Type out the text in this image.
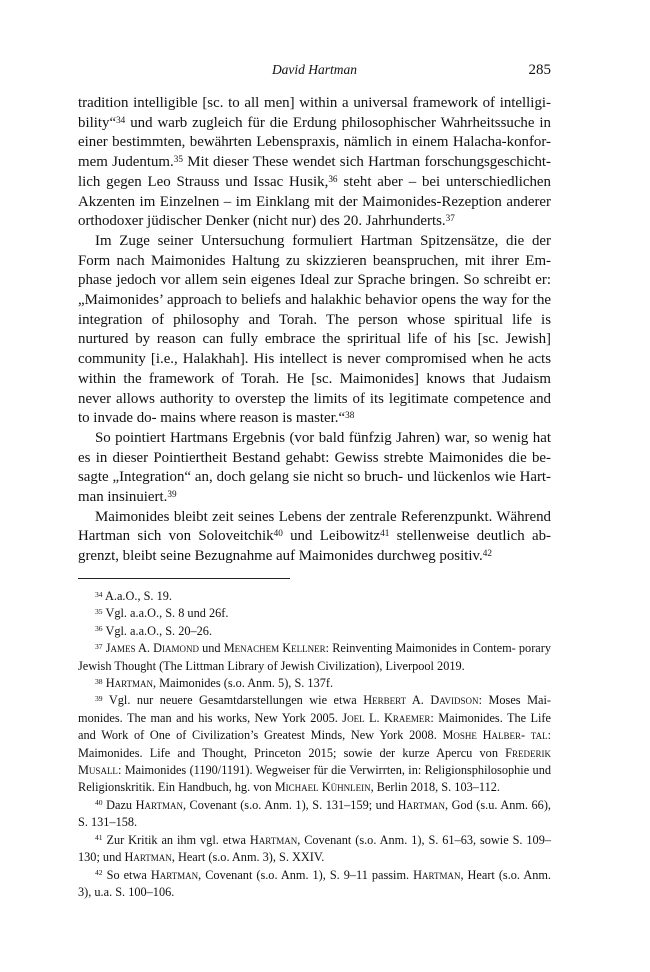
David Hartman	285

tradition intelligible [sc. to all men] within a universal framework of intelligi- bility“$^{34}$ und warb zugleich für die Erdung philosophischer Wahrheitssuche in einer bestimmten, bewährten Lebenspraxis, nämlich in einem Halacha-konfor- mem Judentum.$^{35}$ Mit dieser These wendet sich Hartman forschungsgeschicht- lich gegen Leo Strauss und Issac Husik,$^{36}$ steht aber – bei unterschiedlichen Akzenten im Einzelnen – im Einklang mit der Maimonides-Rezeption anderer orthodoxer jüdischer Denker (nicht nur) des 20. Jahrhunderts.$^{37}$

Im Zuge seiner Untersuchung formuliert Hartman Spitzensätze, die der Form nach Maimonides Haltung zu skizzieren beanspruchen, mit ihrer Em- phase jedoch vor allem sein eigenes Ideal zur Sprache bringen. So schreibt er: „Maimonides’ approach to beliefs and halakhic behavior opens the way for the integration of philosophy and Torah. The person whose spiritual life is nurtured by reason can fully embrace the spriritual life of his [sc. Jewish] community [i.e., Halakhah]. His intellect is never compromised when he acts within the framework of Torah. He [sc. Maimonides] knows that Judaism never allows authority to overstep the limits of its legitimate competence and to invade do- mains where reason is master.“$^{38}$

So pointiert Hartmans Ergebnis (vor bald fünfzig Jahren) war, so wenig hat es in dieser Pointiertheit Bestand gehabt: Gewiss strebte Maimonides die be- sagte „Integration“ an, doch gelang sie nicht so bruch- und lückenlos wie Hart- man insinuiert.$^{39}$

Maimonides bleibt zeit seines Lebens der zentrale Referenzpunkt. Während Hartman sich von Soloveitchik$^{40}$ und Leibowitz$^{41}$ stellenweise deutlich ab- grenzt, bleibt seine Bezugnahme auf Maimonides durchweg positiv.$^{42}$

$^{34}$ A.a.O., S. 19.

$^{35}$ Vgl. a.a.O., S. 8 und 26f.

$^{36}$ Vgl. a.a.O., S. 20–26.

$^{37}$ James A. Diamond und Menachem Kellner: Reinventing Maimonides in Contem- porary Jewish Thought (The Littman Library of Jewish Civilization), Liverpool 2019.

$^{38}$ Hartman, Maimonides (s.o. Anm. 5), S. 137f.

$^{39}$ Vgl. nur neuere Gesamtdarstellungen wie etwa Herbert A. Davidson: Moses Mai- monides. The man and his works, New York 2005. Joel L. Kraemer: Maimonides. The Life and Work of One of Civilization’s Greatest Minds, New York 2008. Moshe Halber- tal: Maimonides. Life and Thought, Princeton 2015; sowie der kurze Apercu von Frederik Musall: Maimonides (1190/1191). Wegweiser für die Verwirrten, in: Religionsphilosophie und Religionskritik. Ein Handbuch, hg. von Michael Kühnlein, Berlin 2018, S. 103–112.

$^{40}$ Dazu Hartman, Covenant (s.o. Anm. 1), S. 131–159; und Hartman, God (s.u. Anm. 66), S. 131–158.

$^{41}$ Zur Kritik an ihm vgl. etwa Hartman, Covenant (s.o. Anm. 1), S. 61–63, sowie S. 109–130; und Hartman, Heart (s.o. Anm. 3), S. XXIV.

$^{42}$ So etwa Hartman, Covenant (s.o. Anm. 1), S. 9–11 passim. Hartman, Heart (s.o. Anm. 3), u.a. S. 100–106.
